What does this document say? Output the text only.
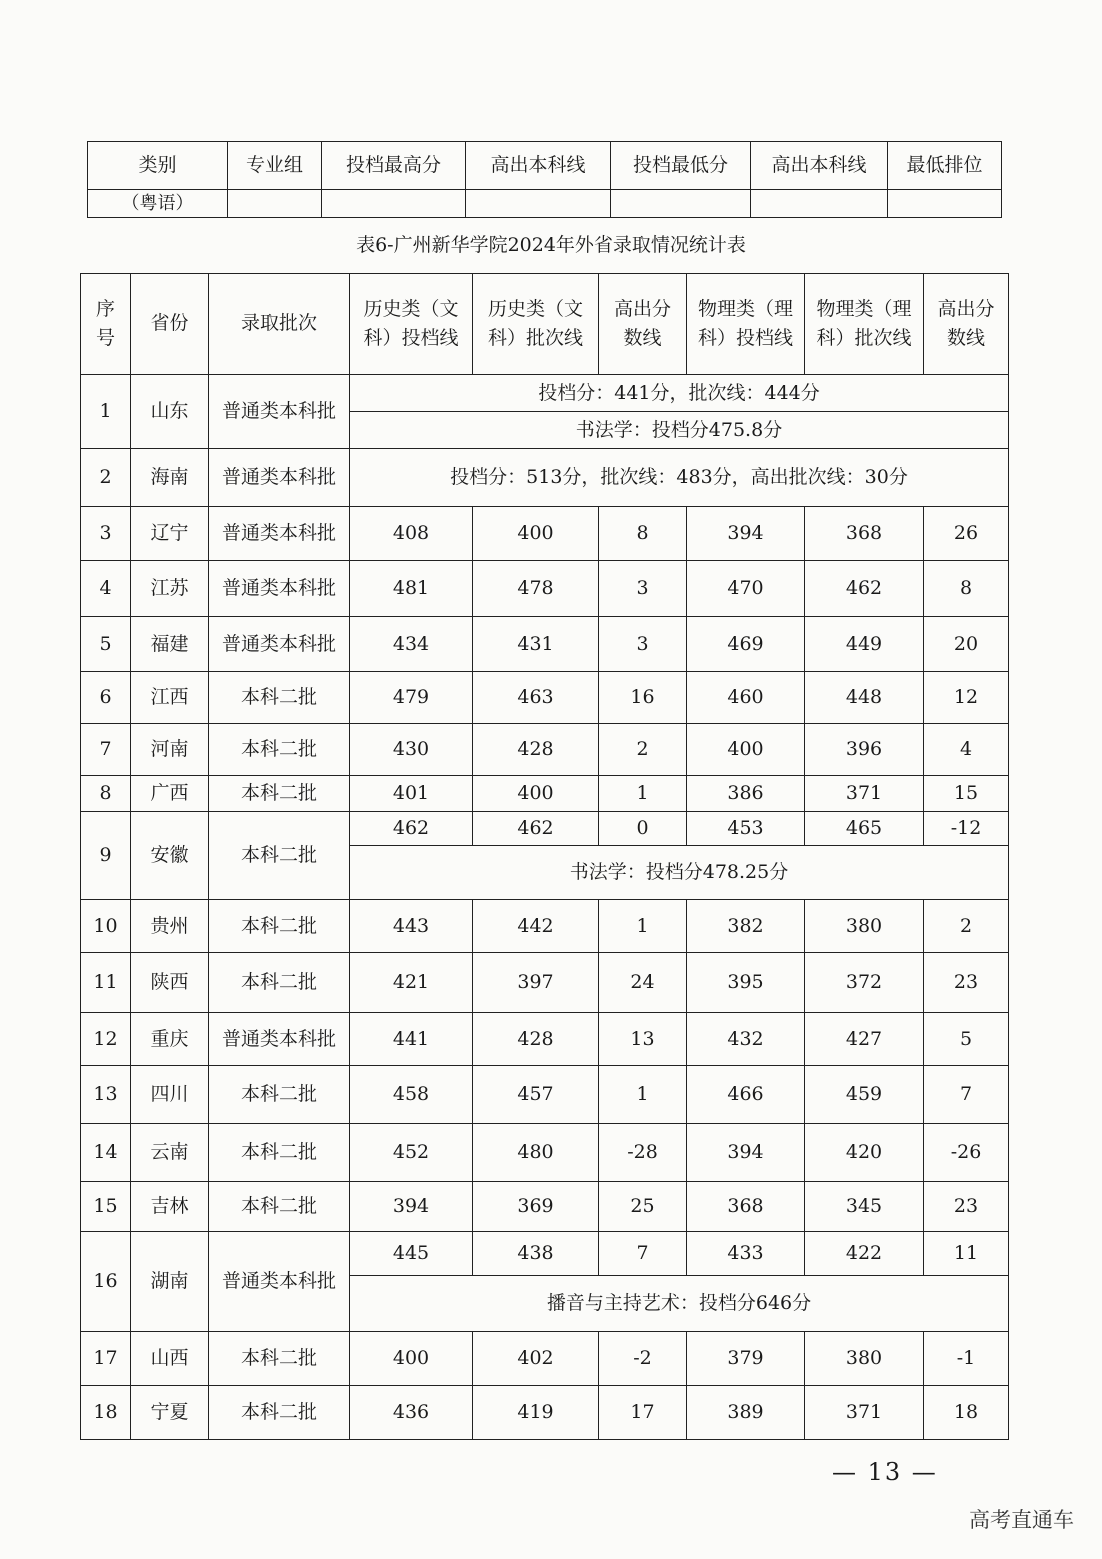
类别	专业组	投档最高分	高出本科线	投档最低分	高出本科线	最低排位
（粤语）						
表6-广州新华学院2024年外省录取情况统计表
序号	省份	录取批次	历史类（文科）投档线	历史类（文科）批次线	高出分数线	物理类（理科）投档线	物理类（理科）批次线	高出分数线
1	山东	普通类本科批	投档分：441分，批次线：444分					
			书法学：投档分475.8分					
2	海南	普通类本科批	投档分：513分，批次线：483分，高出批次线：30分					
3	辽宁	普通类本科批	408	400	8	394	368	26
4	江苏	普通类本科批	481	478	3	470	462	8
5	福建	普通类本科批	434	431	3	469	449	20
6	江西	本科二批	479	463	16	460	448	12
7	河南	本科二批	430	428	2	400	396	4
8	广西	本科二批	401	400	1	386	371	15
9	安徽	本科二批	462	462	0	453	465	-12
			书法学：投档分478.25分					
10	贵州	本科二批	443	442	1	382	380	2
11	陕西	本科二批	421	397	24	395	372	23
12	重庆	普通类本科批	441	428	13	432	427	5
13	四川	本科二批	458	457	1	466	459	7
14	云南	本科二批	452	480	-28	394	420	-26
15	吉林	本科二批	394	369	25	368	345	23
16	湖南	普通类本科批	445	438	7	433	422	11
			播音与主持艺术：投档分646分					
17	山西	本科二批	400	402	-2	379	380	-1
18	宁夏	本科二批	436	419	17	389	371	18
— 13 —
高考直通车
